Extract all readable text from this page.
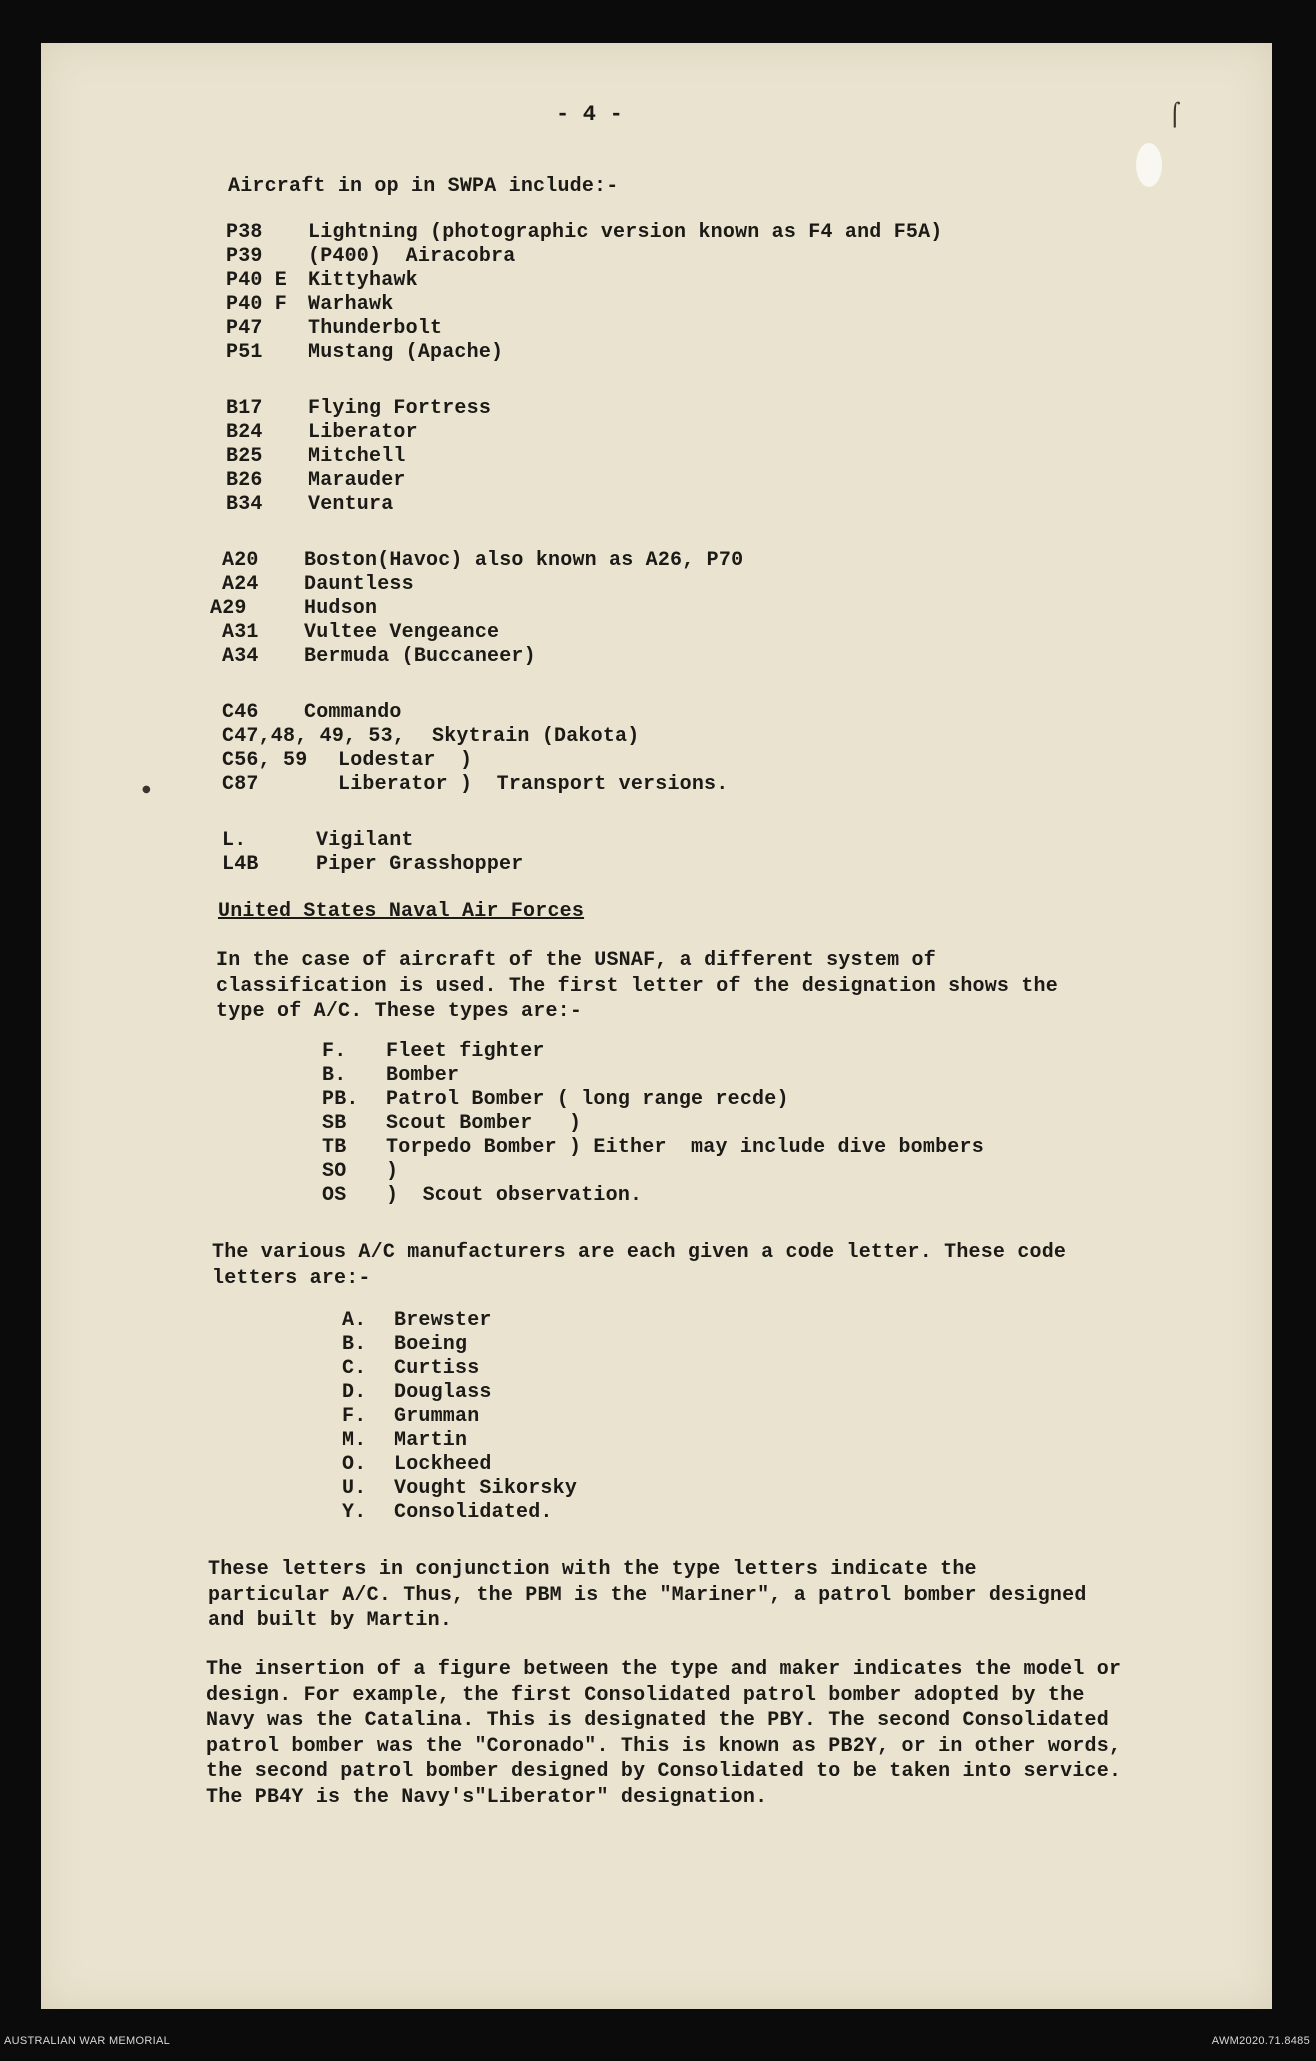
⌠
●
- 4 -
Aircraft in op in SWPA include:-
P38 Lightning (photographic version known as F4 and F5A)
P39 (P400)  Airacobra
P40 E Kittyhawk
P40 F Warhawk
P47 Thunderbolt
P51 Mustang (Apache)
B17 Flying Fortress
B24 Liberator
B25 Mitchell
B26 Marauder
B34 Ventura
A20 Boston(Havoc) also known as A26, P70
A24 Dauntless
A29	Hudson
A31 Vultee Vengeance
A34 Bermuda (Buccaneer)
C46 Commando
C47,48, 49, 53, Skytrain (Dakota)
C56, 59 Lodestar  )
C87	Liberator )  Transport versions.
L.	Vigilant
L4B	Piper Grasshopper
United States Naval Air Forces
In the case of aircraft of the USNAF, a different system of classification is used. The first letter of the designation shows the type of A/C. These types are:-
F. Fleet fighter
B. Bomber
PB. Patrol Bomber ( long range recde)
SB Scout Bomber   )
TB Torpedo Bomber ) Either  may include dive bombers
SO )
OS )  Scout observation.
The various A/C manufacturers are each given a code letter. These code letters are:-
A. Brewster
B. Boeing
C. Curtiss
D. Douglass
F. Grumman
M. Martin
O. Lockheed
U. Vought Sikorsky
Y. Consolidated.
These letters in conjunction with the type letters indicate the particular A/C. Thus, the PBM is the "Mariner", a patrol bomber designed and built by Martin.
The insertion of a figure between the type and maker indicates the model or design. For example, the first Consolidated patrol bomber adopted by the Navy was the Catalina. This is designated the PBY. The second Consolidated patrol bomber was the "Coronado". This is known as PB2Y, or in other words, the second patrol bomber designed by Consolidated to be taken into service. The PB4Y is the Navy's"Liberator" designation.
AUSTRALIAN WAR MEMORIAL	AWM2020.71.8485
